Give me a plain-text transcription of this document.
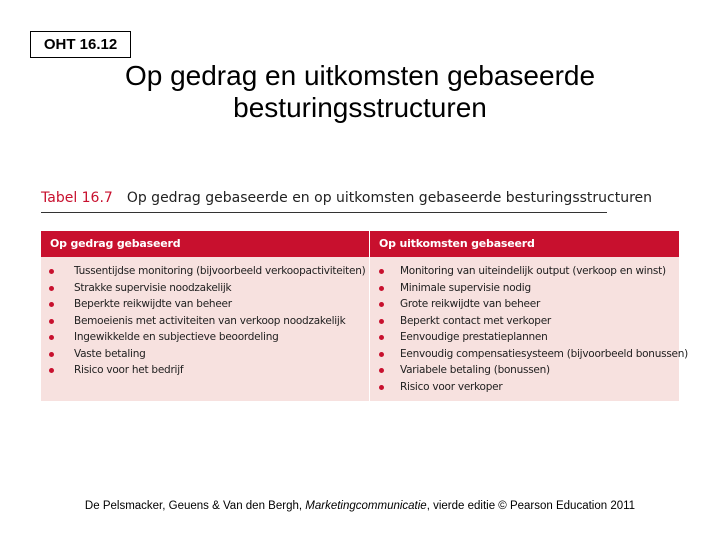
OHT 16.12
Op gedrag en uitkomsten gebaseerde besturingsstructuren
Tabel 16.7 Op gedrag gebaseerde en op uitkomsten gebaseerde besturingsstructuren
Op gedrag gebaseerd
Tussentijdse monitoring (bijvoorbeeld verkoopactiviteiten)
Strakke supervisie noodzakelijk
Beperkte reikwijdte van beheer
Bemoeienis met activiteiten van verkoop noodzakelijk
Ingewikkelde en subjectieve beoordeling
Vaste betaling
Risico voor het bedrijf
Op uitkomsten gebaseerd
Monitoring van uiteindelijk output (verkoop en winst)
Minimale supervisie nodig
Grote reikwijdte van beheer
Beperkt contact met verkoper
Eenvoudige prestatieplannen
Eenvoudig compensatiesysteem (bijvoorbeeld bonussen)
Variabele betaling (bonussen)
Risico voor verkoper
De Pelsmacker, Geuens & Van den Bergh, Marketingcommunicatie, vierde editie © Pearson Education 2011
